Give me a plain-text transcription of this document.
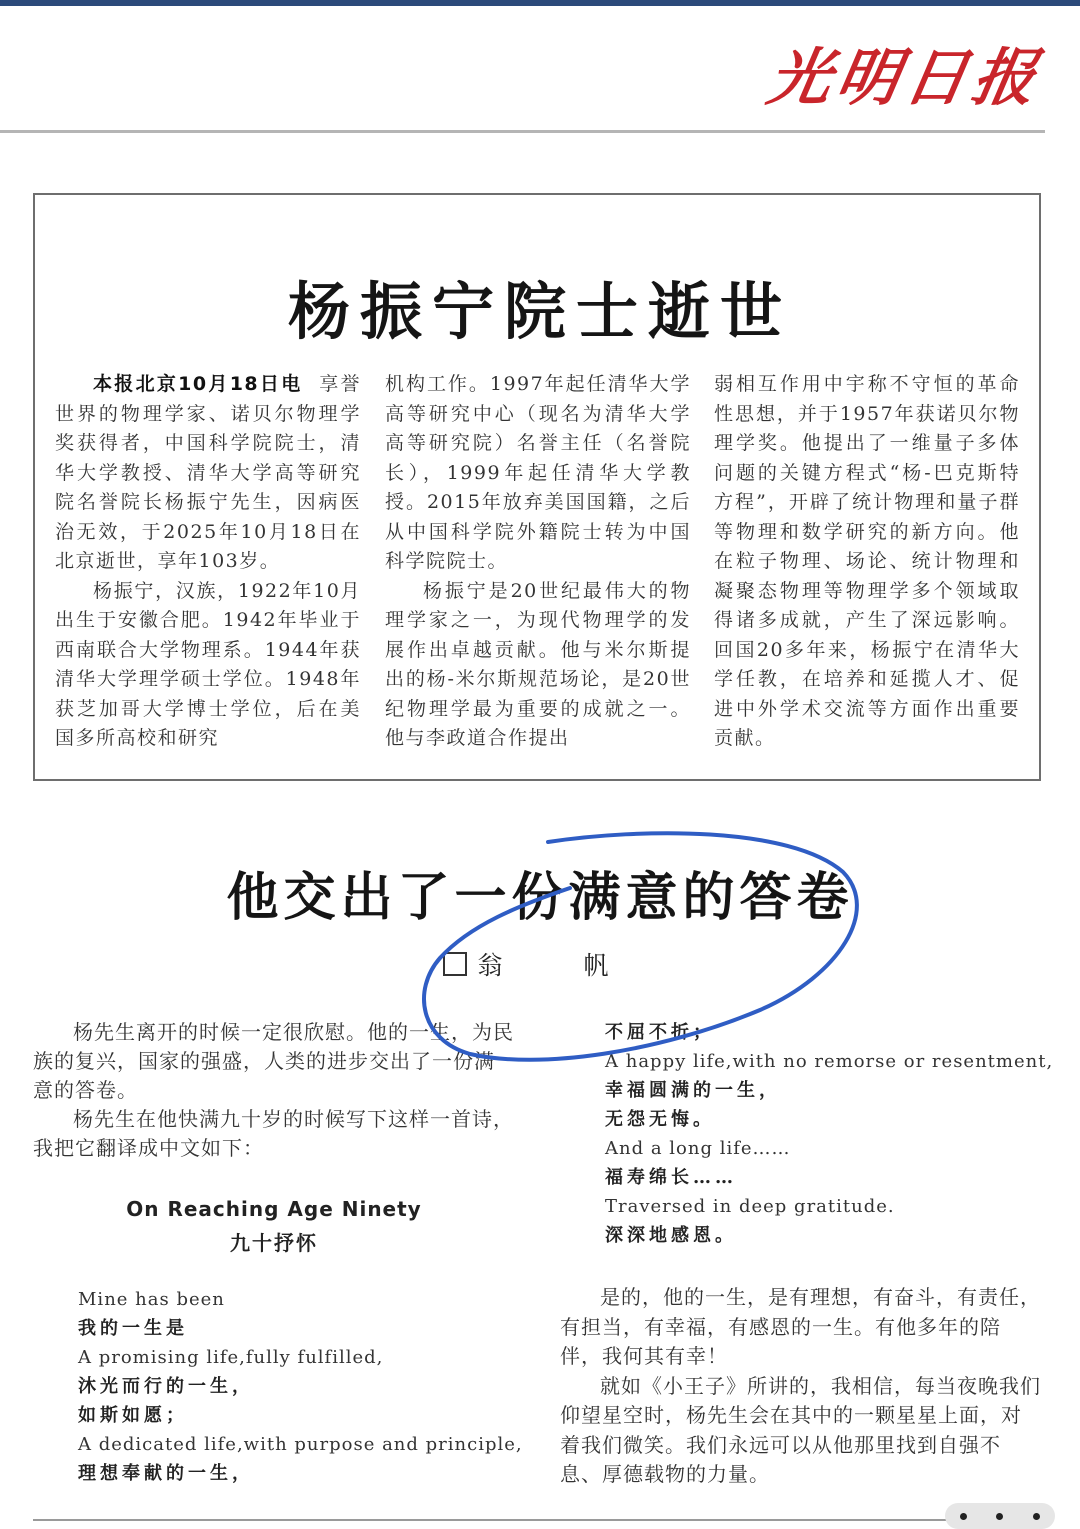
光明日报
杨振宁院士逝世

本报北京10月18日电 享誉世界的物理学家、诺贝尔物理学奖获得者，中国科学院院士，清华大学教授、清华大学高等研究院名誉院长杨振宁先生，因病医治无效，于2025年10月18日在北京逝世，享年103岁。

杨振宁，汉族，1922年10月出生于安徽合肥。1942年毕业于西南联合大学物理系。1944年获清华大学理学硕士学位。1948年获芝加哥大学博士学位，后在美国多所高校和研究

机构工作。1997年起任清华大学高等研究中心（现名为清华大学高等研究院）名誉主任（名誉院长），1999年起任清华大学教授。2015年放弃美国国籍，之后从中国科学院外籍院士转为中国科学院院士。

杨振宁是20世纪最伟大的物理学家之一，为现代物理学的发展作出卓越贡献。他与米尔斯提出的杨-米尔斯规范场论，是20世纪物理学最为重要的成就之一。他与李政道合作提出

弱相互作用中宇称不守恒的革命性思想，并于1957年获诺贝尔物理学奖。他提出了一维量子多体问题的关键方程式“杨-巴克斯特方程”，开辟了统计物理和量子群等物理和数学研究的新方向。他在粒子物理、场论、统计物理和凝聚态物理等物理学多个领域取得诸多成就，产生了深远影响。回国20多年来，杨振宁在清华大学任教，在培养和延揽人才、促进中外学术交流等方面作出重要贡献。

他交出了一份满意的答卷
翁　帆

杨先生离开的时候一定很欣慰。他的一生，为民族的复兴，国家的强盛，人类的进步交出了一份满意的答卷。

杨先生在他快满九十岁的时候写下这样一首诗，我把它翻译成中文如下：

On Reaching Age Ninety
九十抒怀
Mine has been
我的一生是
A promising life,fully fulfilled,
沐光而行的一生，
如斯如愿；
A dedicated life,with purpose and principle,
理想奉献的一生，
不屈不折；
A happy life,with no remorse or resentment,
幸福圆满的一生，
无怨无悔。
And a long life……
福寿绵长……
Traversed in deep gratitude.
深深地感恩。

是的，他的一生，是有理想，有奋斗，有责任，有担当，有幸福，有感恩的一生。有他多年的陪伴，我何其有幸！

就如《小王子》所讲的，我相信，每当夜晚我们仰望星空时，杨先生会在其中的一颗星星上面，对着我们微笑。我们永远可以从他那里找到自强不息、厚德载物的力量。
